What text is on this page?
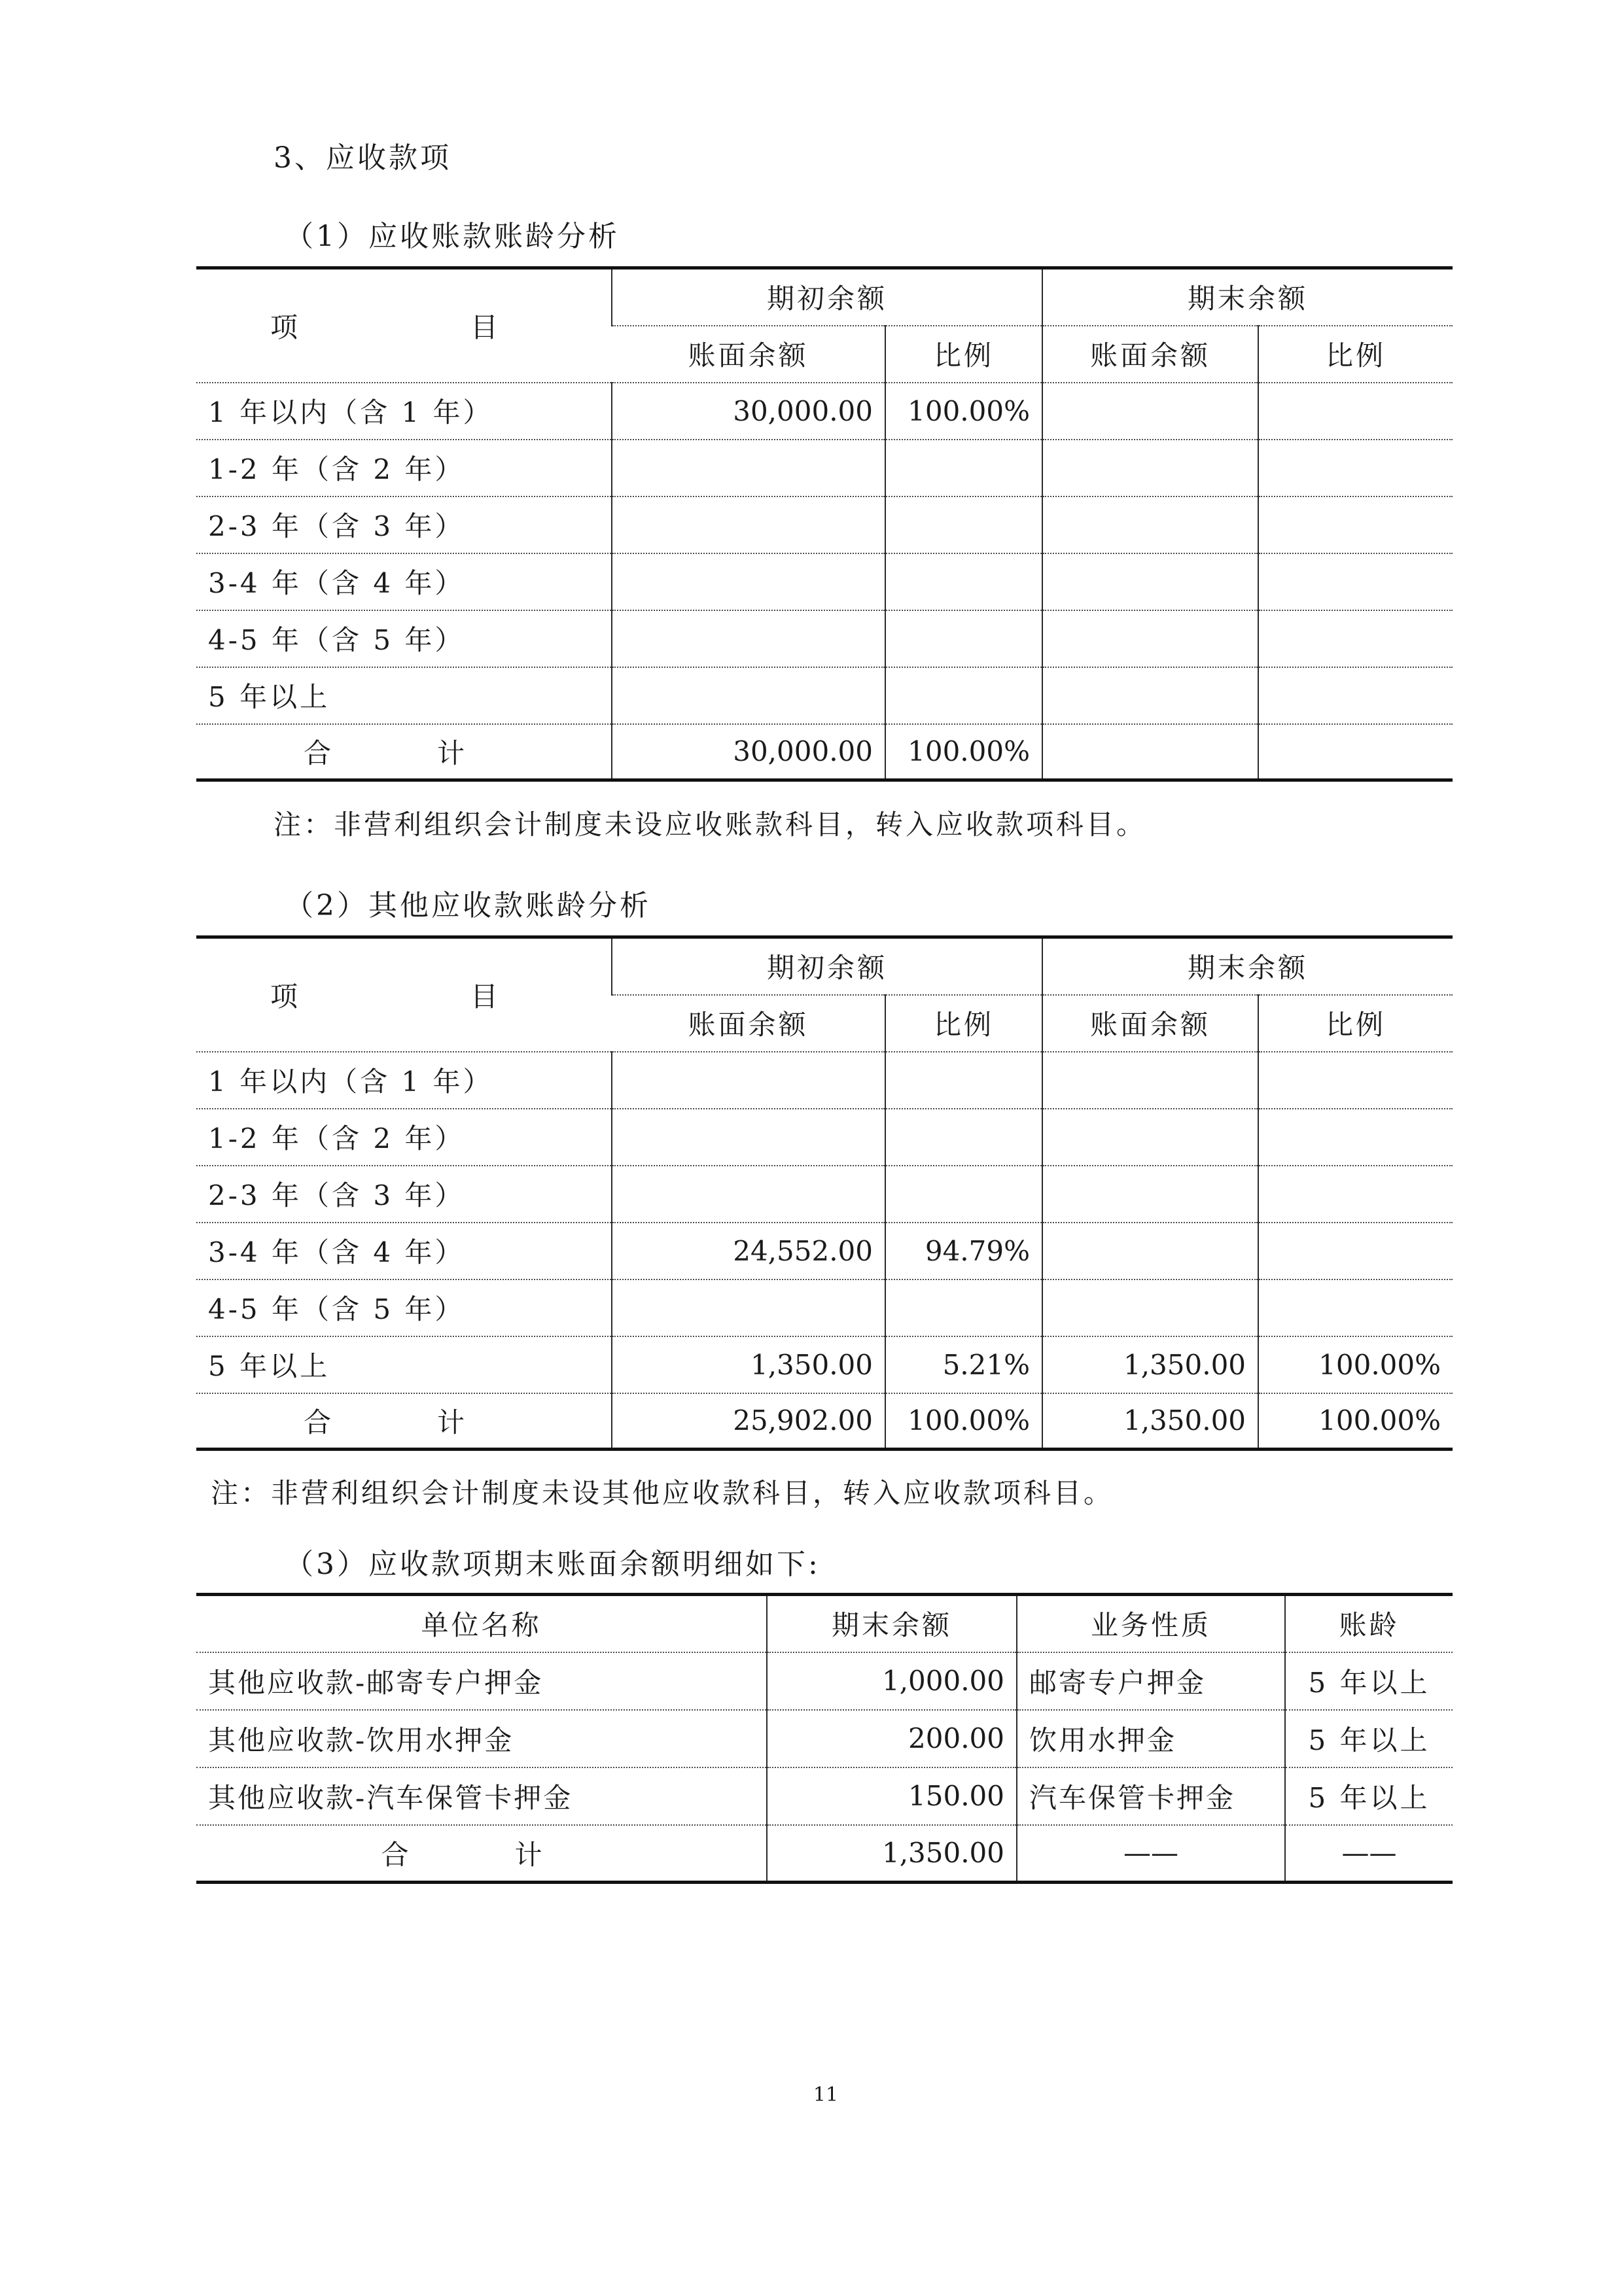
3、应收款项
（1）应收账款账龄分析
项　　目	期初余额		期末余额	
	账面余额	比例	账面余额	比例
1 年以内（含 1 年）	30,000.00	100.00%		
1-2 年（含 2 年）				
2-3 年（含 3 年）				
3-4 年（含 4 年）				
4-5 年（含 5 年）				
5 年以上				
合　计	30,000.00	100.00%		
注：非营利组织会计制度未设应收账款科目，转入应收款项科目。
（2）其他应收款账龄分析
项　　目	期初余额		期末余额	
	账面余额	比例	账面余额	比例
1 年以内（含 1 年）				
1-2 年（含 2 年）				
2-3 年（含 3 年）				
3-4 年（含 4 年）	24,552.00	94.79%		
4-5 年（含 5 年）				
5 年以上	1,350.00	5.21%	1,350.00	100.00%
合　计	25,902.00	100.00%	1,350.00	100.00%
注：非营利组织会计制度未设其他应收款科目，转入应收款项科目。
（3）应收款项期末账面余额明细如下:
单位名称	期末余额	业务性质	账龄
其他应收款-邮寄专户押金	1,000.00	邮寄专户押金	5 年以上
其他应收款-饮用水押金	200.00	饮用水押金	5 年以上
其他应收款-汽车保管卡押金	150.00	汽车保管卡押金	5 年以上
合　计	1,350.00	——	——
11
